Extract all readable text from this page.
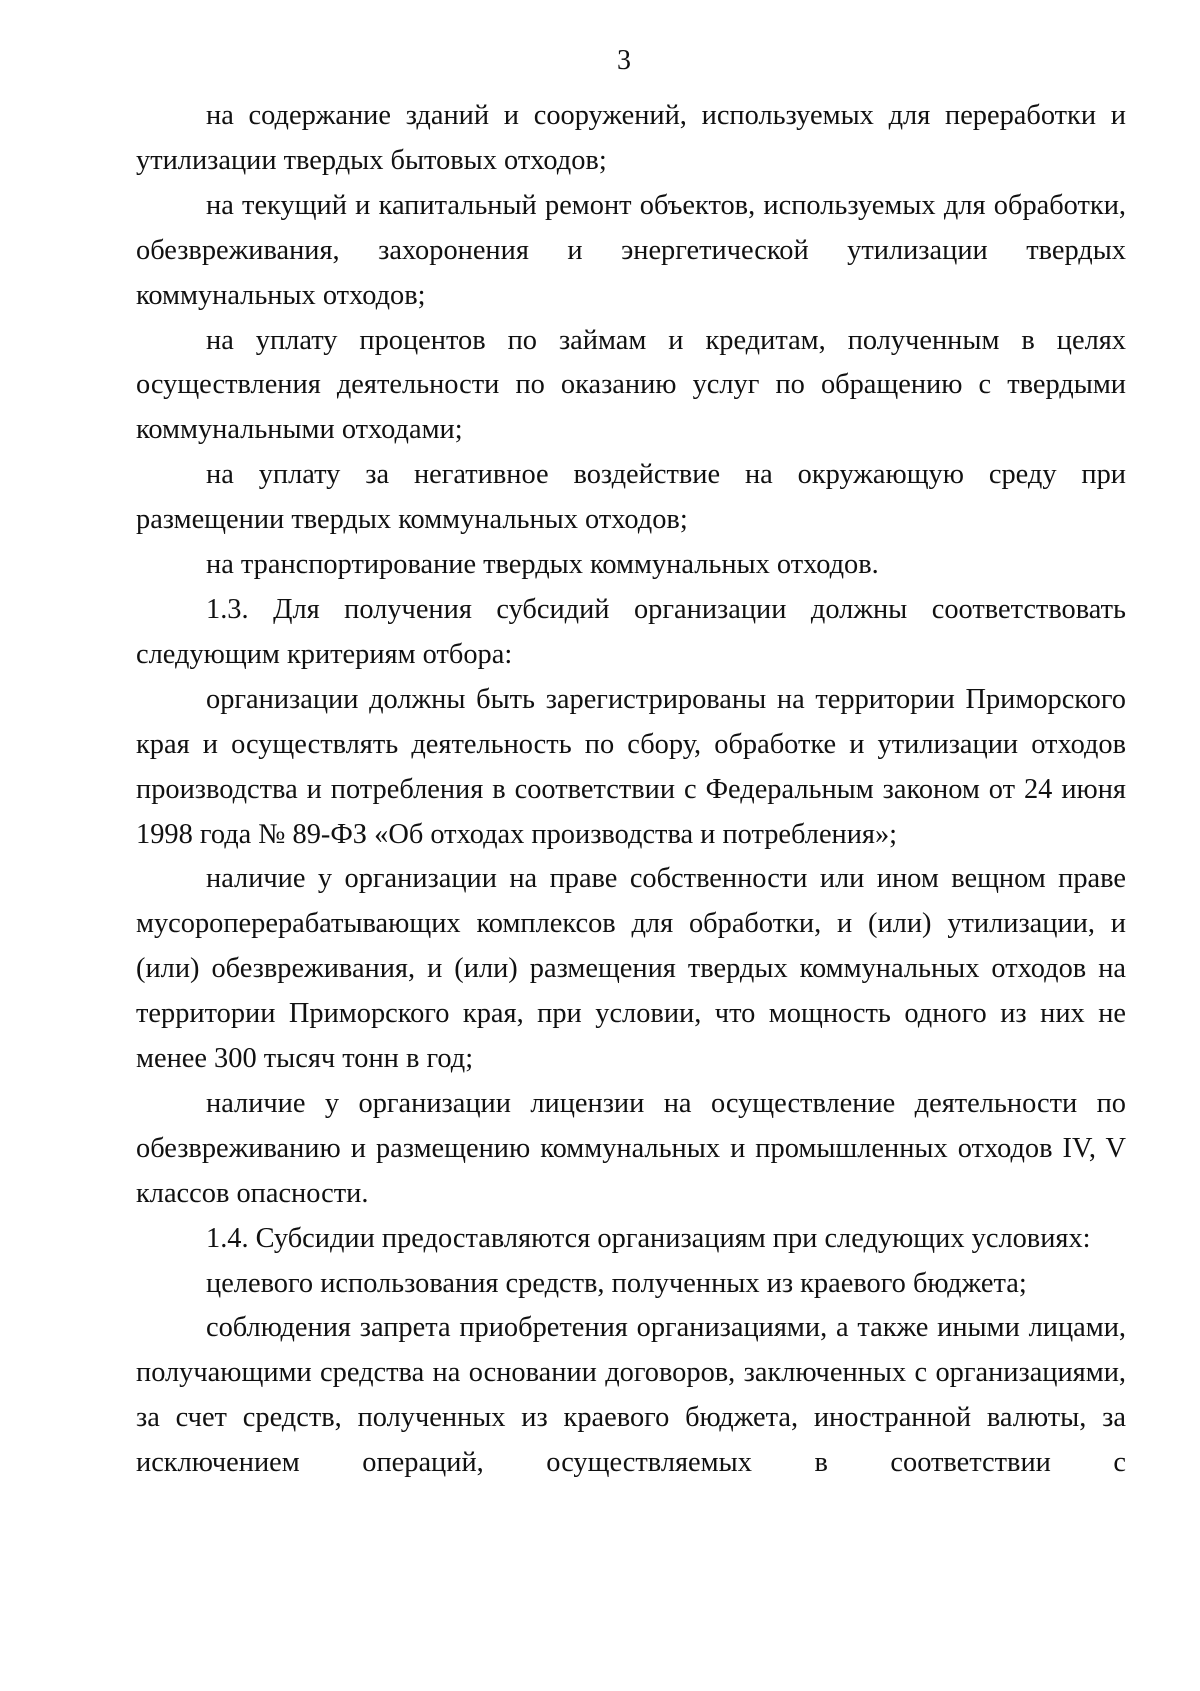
3

на содержание зданий и сооружений, используемых для переработки и утилизации твердых бытовых отходов;

на текущий и капитальный ремонт объектов, используемых для обработки, обезвреживания, захоронения и энергетической утилизации твердых коммунальных отходов;

на уплату процентов по займам и кредитам, полученным в целях осуществления деятельности по оказанию услуг по обращению с твердыми коммунальными отходами;

на уплату за негативное воздействие на окружающую среду при размещении твердых коммунальных отходов;

на транспортирование твердых коммунальных отходов.

1.3. Для получения субсидий организации должны соответствовать следующим критериям отбора:

организации должны быть зарегистрированы на территории Приморского края и осуществлять деятельность по сбору, обработке и утилизации отходов производства и потребления в соответствии с Федеральным законом от 24 июня 1998 года № 89-ФЗ «Об отходах производства и потребления»;

наличие у организации на праве собственности или ином вещном праве мусороперерабатывающих комплексов для обработки, и (или) утилизации, и (или) обезвреживания, и (или) размещения твердых коммунальных отходов на территории Приморского края, при условии, что мощность одного из них не менее 300 тысяч тонн в год;

наличие у организации лицензии на осуществление деятельности по обезвреживанию и размещению коммунальных и промышленных отходов IV, V классов опасности.

1.4. Субсидии предоставляются организациям при следующих условиях:

целевого использования средств, полученных из краевого бюджета;

соблюдения запрета приобретения организациями, а также иными лицами, получающими средства на основании договоров, заключенных с организациями, за счет средств, полученных из краевого бюджета, иностранной валюты, за исключением операций, осуществляемых в соответствии с
